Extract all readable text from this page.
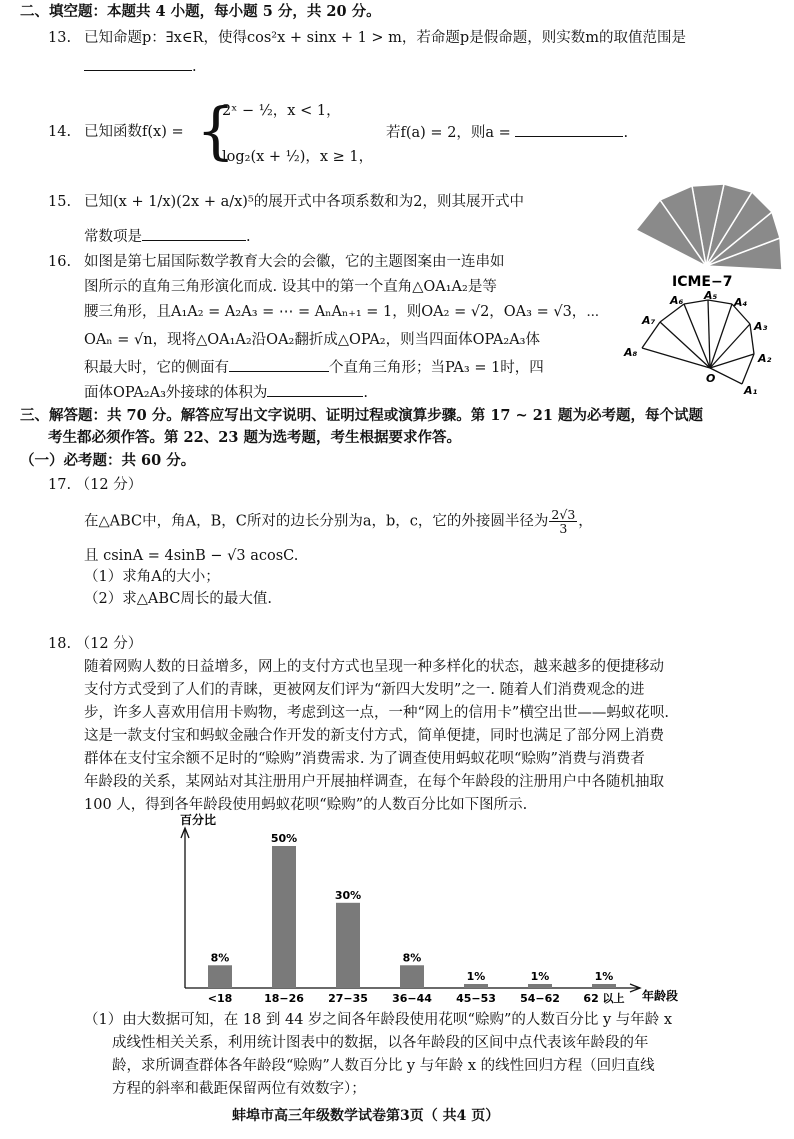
二、填空题：本题共 4 小题，每小题 5 分，共 20 分。
13. 已知命题p：∃x∈R，使得cos²x + sinx + 1 > m，若命题p是假命题，则实数m的取值范围是
.
14. 已知函数f(x) = {
2ˣ − ½，x < 1，
log₂(x + ½)，x ≥ 1，
若f(a) = 2，则a =	.
15. 已知(x + 1/x)(2x + a/x)⁵的展开式中各项系数和为2，则其展开式中
常数项是	.
16. 如图是第七届国际数学教育大会的会徽，它的主题图案由一连串如
图所示的直角三角形演化而成. 设其中的第一个直角△OA₁A₂是等
腰三角形，且A₁A₂ = A₂A₃ = ⋯ = AₙAₙ₊₁ = 1，则OA₂ = √2，OA₃ = √3，⋯
OAₙ = √n，现将△OA₁A₂沿OA₂翻折成△OPA₂，则当四面体OPA₂A₃体
积最大时，它的侧面有	个直角三角形；当PA₃ = 1时，四
面体OPA₂A₃外接球的体积为	.
ICME−7
A₁
A₂
A₃
A₄
A₅
A₆
A₇
A₈
O
三、解答题：共 70 分。解答应写出文字说明、证明过程或演算步骤。第 17 ~ 21 题为必考题，每个试题
考生都必须作答。第 22、23 题为选考题，考生根据要求作答。
（一）必考题：共 60 分。
17. （12 分）
在△ABC中，角A，B，C所对的边长分别为a，b，c，它的外接圆半径为 $\frac{2√3}{3}$ ，
且 csinA = 4sinB − √3 acosC.
（1）求角A的大小；
（2）求△ABC周长的最大值.
18. （12 分）
随着网购人数的日益增多，网上的支付方式也呈现一种多样化的状态，越来越多的便捷移动
支付方式受到了人们的青睐，更被网友们评为“新四大发明”之一. 随着人们消费观念的进
步，许多人喜欢用信用卡购物，考虑到这一点，一种“网上的信用卡”横空出世——蚂蚁花呗.
这是一款支付宝和蚂蚁金融合作开发的新支付方式，简单便捷，同时也满足了部分网上消费
群体在支付宝余额不足时的“赊购”消费需求. 为了调查使用蚂蚁花呗“赊购”消费与消费者
年龄段的关系，某网站对其注册用户开展抽样调查，在每个年龄段的注册用户中各随机抽取
100 人，得到各年龄段使用蚂蚁花呗“赊购”的人数百分比如下图所示.
百分比
年龄段
8%
<18
50%
18−26
30%
27−35
8%
36−44
1%
45−53
1%
54−62
1%
62 以上
（1）由大数据可知，在 18 到 44 岁之间各年龄段使用花呗“赊购”的人数百分比 y 与年龄 x
成线性相关关系，利用统计图表中的数据，以各年龄段的区间中点代表该年龄段的年
龄，求所调查群体各年龄段“赊购”人数百分比 y 与年龄 x 的线性回归方程（回归直线
方程的斜率和截距保留两位有效数字）；
蚌埠市高三年级数学试卷第3页（ 共4 页）
